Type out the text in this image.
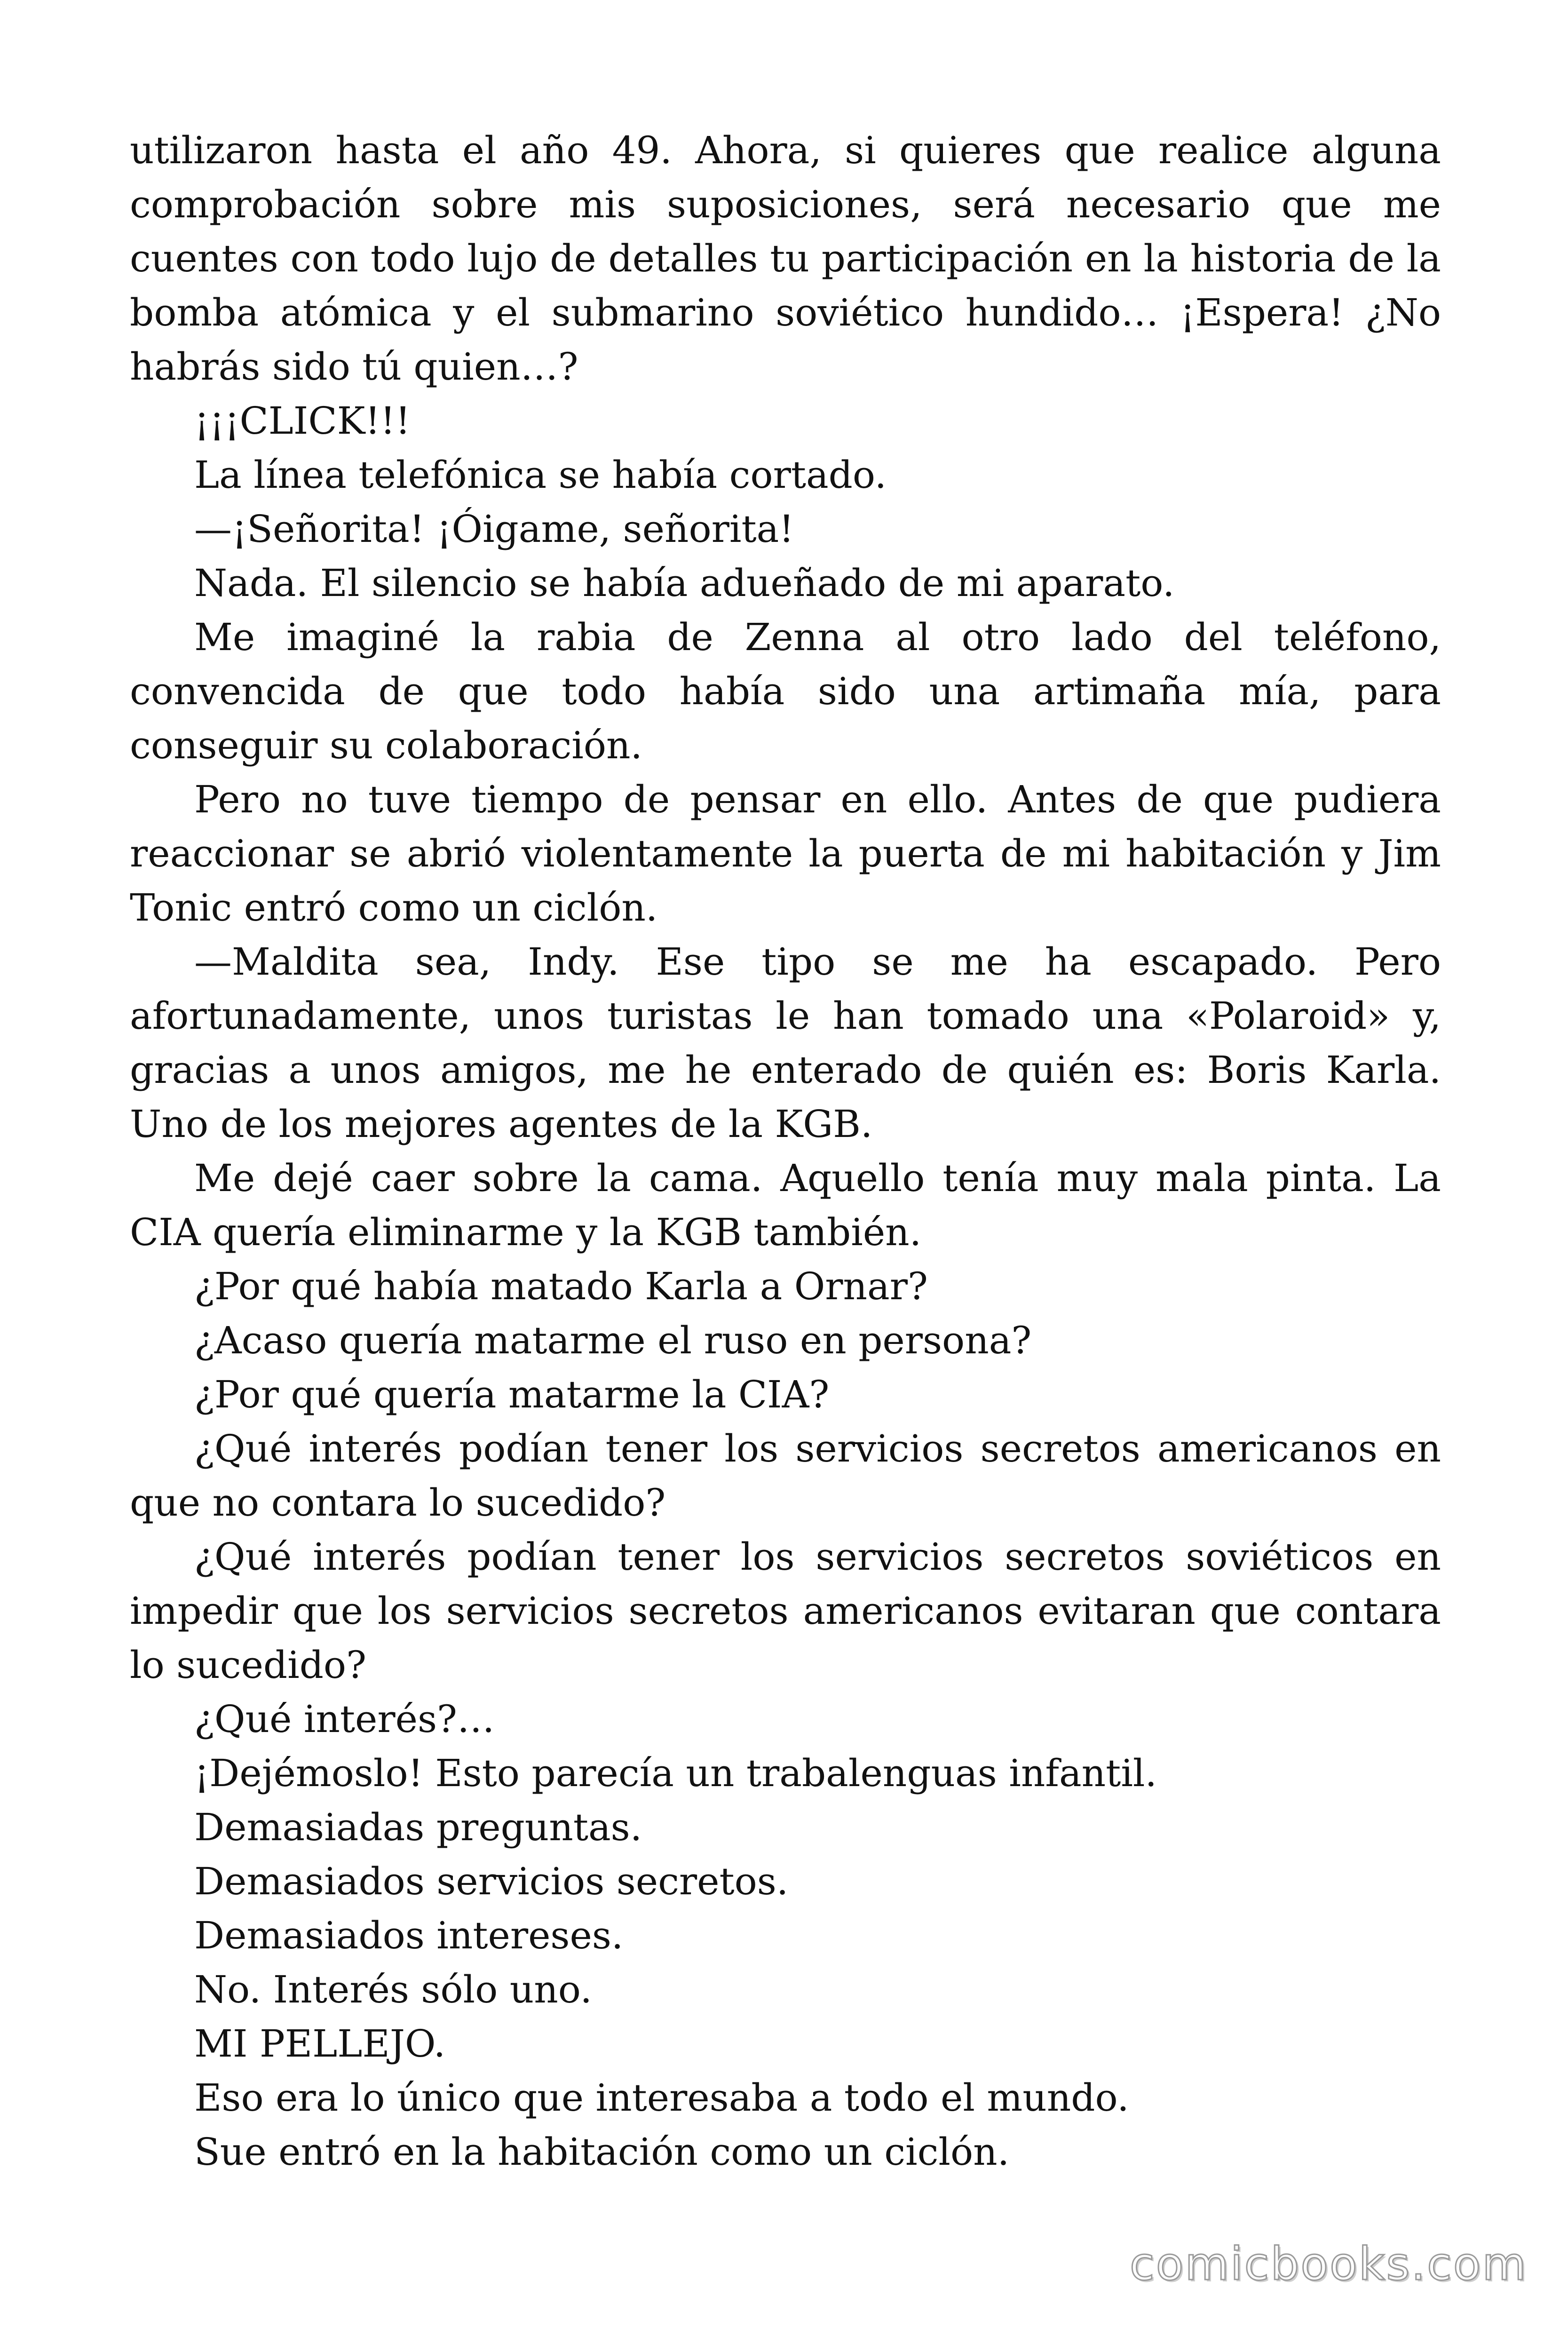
utilizaron hasta el año 49. Ahora, si quieres que realice alguna comprobación sobre mis suposiciones, será necesario que me cuentes con todo lujo de detalles tu participación en la historia de la bomba atómica y el submarino soviético hundido… ¡Espera! ¿No habrás sido tú quien…?

¡¡¡CLICK!!!

La línea telefónica se había cortado.

—¡Señorita! ¡Óigame, señorita!

Nada. El silencio se había adueñado de mi aparato.

Me imaginé la rabia de Zenna al otro lado del teléfono, convencida de que todo había sido una artimaña mía, para conseguir su colaboración.

Pero no tuve tiempo de pensar en ello. Antes de que pudiera reaccionar se abrió violentamente la puerta de mi habitación y Jim Tonic entró como un ciclón.

—Maldita sea, Indy. Ese tipo se me ha escapado. Pero afortunadamente, unos turistas le han tomado una «Polaroid» y, gracias a unos amigos, me he enterado de quién es: Boris Karla. Uno de los mejores agentes de la KGB.

Me dejé caer sobre la cama. Aquello tenía muy mala pinta. La CIA quería eliminarme y la KGB también.

¿Por qué había matado Karla a Ornar?

¿Acaso quería matarme el ruso en persona?

¿Por qué quería matarme la CIA?

¿Qué interés podían tener los servicios secretos americanos en que no contara lo sucedido?

¿Qué interés podían tener los servicios secretos soviéticos en impedir que los servicios secretos americanos evitaran que contara lo sucedido?

¿Qué interés?…

¡Dejémoslo! Esto parecía un trabalenguas infantil.

Demasiadas preguntas.

Demasiados servicios secretos.

Demasiados intereses.

No. Interés sólo uno.

MI PELLEJO.

Eso era lo único que interesaba a todo el mundo.

Sue entró en la habitación como un ciclón.

comicbooks.com
